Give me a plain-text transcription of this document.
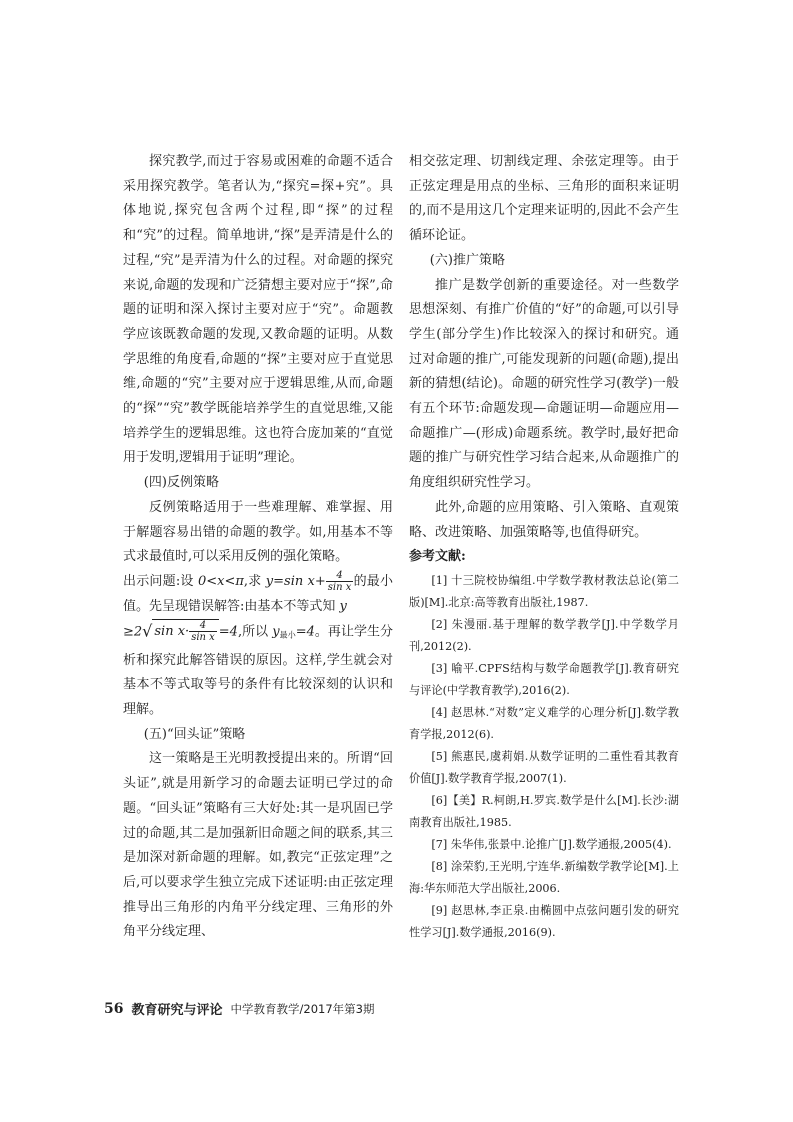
探究教学,而过于容易或困难的命题不适合采用探究教学。笔者认为,“探究=探+究”。具体地说,探究包含两个过程,即“探”的过程和“究”的过程。简单地讲,“探”是弄清是什么的过程,“究”是弄清为什么的过程。对命题的探究来说,命题的发现和广泛猜想主要对应于“探”,命题的证明和深入探讨主要对应于“究”。命题教学应该既教命题的发现,又教命题的证明。从数学思维的角度看,命题的“探”主要对应于直觉思维,命题的“究”主要对应于逻辑思维,从而,命题的“探”“究”教学既能培养学生的直觉思维,又能培养学生的逻辑思维。这也符合庞加莱的“直觉用于发明,逻辑用于证明”理论。

(四)反例策略

反例策略适用于一些难理解、难掌握、用于解题容易出错的命题的教学。如,用基本不等式求最值时,可以采用反例的强化策略。

出示问题:设 0<x<π,求 y=sin $x+ \frac{4}{\text{sin x}}$ 的最小值。先呈现错误解答:由基本不等式知 y
≥2√ $\sin x\cdot \frac{4}{\text{sin x}} =4$,所以 $y_{最小}=4$。再让学生分析和探究此解答错误的原因。这样,学生就会对基本不等式取等号的条件有比较深刻的认识和理解。

(五)“回头证”策略

这一策略是王光明教授提出来的。所谓“回头证”,就是用新学习的命题去证明已学过的命题。“回头证”策略有三大好处:其一是巩固已学过的命题,其二是加强新旧命题之间的联系,其三是加深对新命题的理解。如,教完“正弦定理”之后,可以要求学生独立完成下述证明:由正弦定理推导出三角形的内角平分线定理、三角形的外角平分线定理、

相交弦定理、切割线定理、余弦定理等。由于正弦定理是用点的坐标、三角形的面积来证明的,而不是用这几个定理来证明的,因此不会产生循环论证。

(六)推广策略

推广是数学创新的重要途径。对一些数学思想深刻、有推广价值的“好”的命题,可以引导学生(部分学生)作比较深入的探讨和研究。通过对命题的推广,可能发现新的问题(命题),提出新的猜想(结论)。命题的研究性学习(教学)一般有五个环节:命题发现—命题证明—命题应用—命题推广—(形成)命题系统。教学时,最好把命题的推广与研究性学习结合起来,从命题推广的角度组织研究性学习。

此外,命题的应用策略、引入策略、直观策略、改进策略、加强策略等,也值得研究。

参考文献:

[1] 十三院校协编组.中学数学教材教法总论(第二版)[M].北京:高等教育出版社,1987.

[2] 朱漫丽.基于理解的数学教学[J].中学数学月刊,2012(2).

[3] 喻平.CPFS结构与数学命题教学[J].教育研究与评论(中学教育教学),2016(2).

[4] 赵思林.“对数”定义难学的心理分析[J].数学教育学报,2012(6).

[5] 熊惠民,虞莉娟.从数学证明的二重性看其教育价值[J].数学教育学报,2007(1).

[6]【美】R.柯朗,H.罗宾.数学是什么[M].长沙:湖南教育出版社,1985.

[7] 朱华伟,张景中.论推广[J].数学通报,2005(4).

[8] 涂荣豹,王光明,宁连华.新编数学教学论[M].上海:华东师范大学出版社,2006.

[9] 赵思林,李正泉.由椭圆中点弦问题引发的研究性学习[J].数学通报,2016(9).

56 教育研究与评论 中学教育教学/2017年第3期
